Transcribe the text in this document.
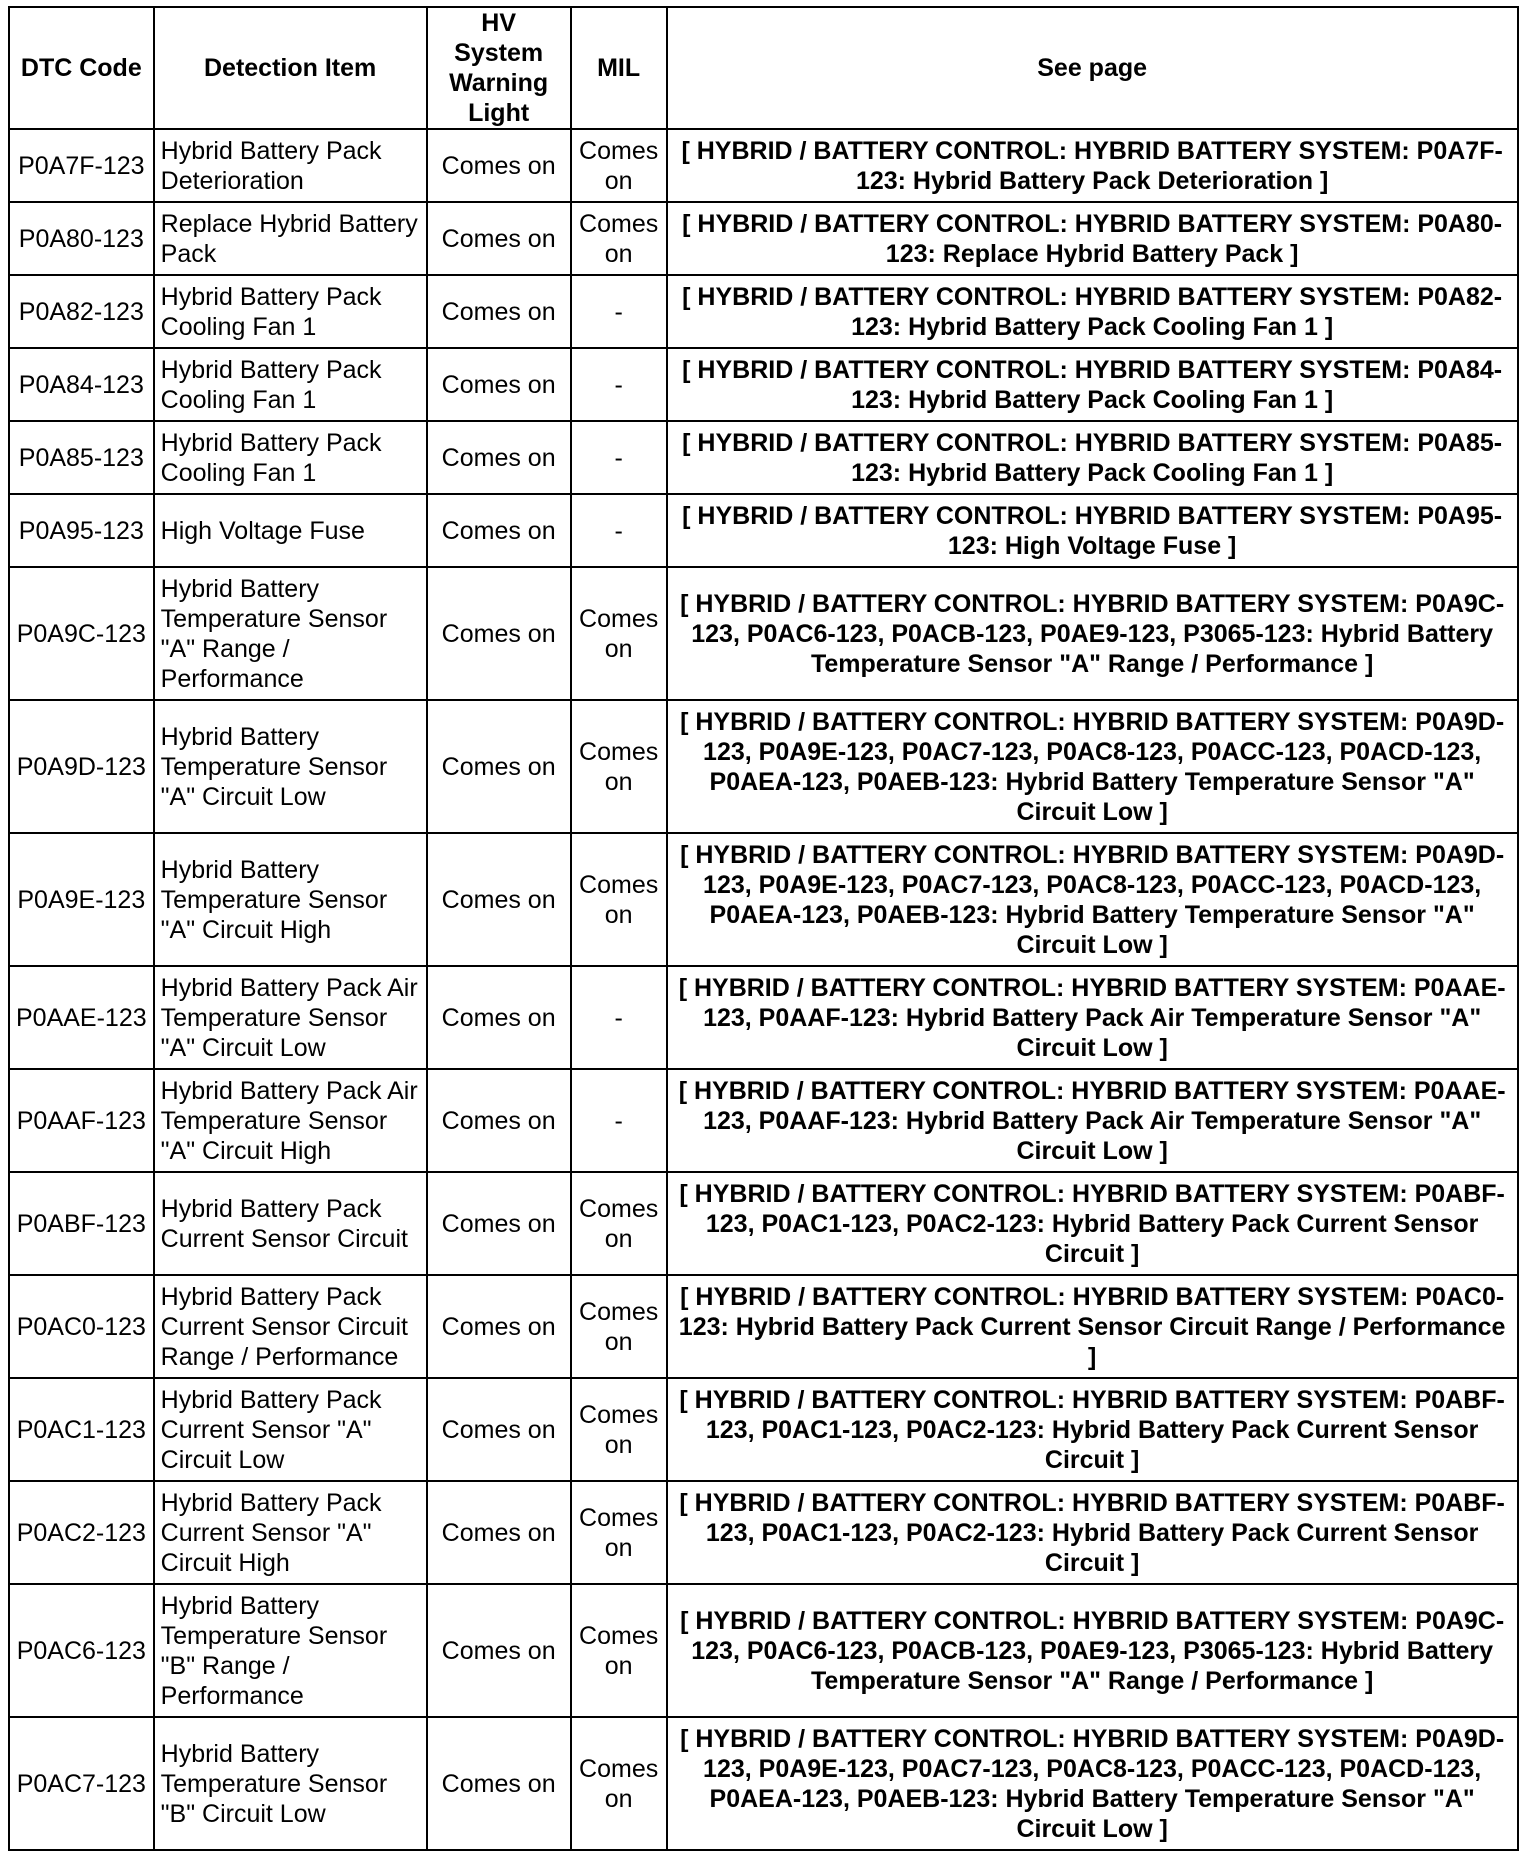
DTC Code	Detection Item	HV System Warning Light	MIL	See page
P0A7F-123	Hybrid Battery Pack Deterioration	Comes on	Comes on	[ HYBRID / BATTERY CONTROL: HYBRID BATTERY SYSTEM: P0A7F-123: Hybrid Battery Pack Deterioration ]
P0A80-123	Replace Hybrid Battery Pack	Comes on	Comes on	[ HYBRID / BATTERY CONTROL: HYBRID BATTERY SYSTEM: P0A80-123: Replace Hybrid Battery Pack ]
P0A82-123	Hybrid Battery Pack Cooling Fan 1	Comes on	-	[ HYBRID / BATTERY CONTROL: HYBRID BATTERY SYSTEM: P0A82-123: Hybrid Battery Pack Cooling Fan 1 ]
P0A84-123	Hybrid Battery Pack Cooling Fan 1	Comes on	-	[ HYBRID / BATTERY CONTROL: HYBRID BATTERY SYSTEM: P0A84-123: Hybrid Battery Pack Cooling Fan 1 ]
P0A85-123	Hybrid Battery Pack Cooling Fan 1	Comes on	-	[ HYBRID / BATTERY CONTROL: HYBRID BATTERY SYSTEM: P0A85-123: Hybrid Battery Pack Cooling Fan 1 ]
P0A95-123	High Voltage Fuse	Comes on	-	[ HYBRID / BATTERY CONTROL: HYBRID BATTERY SYSTEM: P0A95-123: High Voltage Fuse ]
P0A9C-123	Hybrid Battery Temperature Sensor "A" Range / Performance	Comes on	Comes on	[ HYBRID / BATTERY CONTROL: HYBRID BATTERY SYSTEM: P0A9C-123, P0AC6-123, P0ACB-123, P0AE9-123, P3065-123: Hybrid Battery Temperature Sensor "A" Range / Performance ]
P0A9D-123	Hybrid Battery Temperature Sensor "A" Circuit Low	Comes on	Comes on	[ HYBRID / BATTERY CONTROL: HYBRID BATTERY SYSTEM: P0A9D-123, P0A9E-123, P0AC7-123, P0AC8-123, P0ACC-123, P0ACD-123, P0AEA-123, P0AEB-123: Hybrid Battery Temperature Sensor "A" Circuit Low ]
P0A9E-123	Hybrid Battery Temperature Sensor "A" Circuit High	Comes on	Comes on	[ HYBRID / BATTERY CONTROL: HYBRID BATTERY SYSTEM: P0A9D-123, P0A9E-123, P0AC7-123, P0AC8-123, P0ACC-123, P0ACD-123, P0AEA-123, P0AEB-123: Hybrid Battery Temperature Sensor "A" Circuit Low ]
P0AAE-123	Hybrid Battery Pack Air Temperature Sensor "A" Circuit Low	Comes on	-	[ HYBRID / BATTERY CONTROL: HYBRID BATTERY SYSTEM: P0AAE-123, P0AAF-123: Hybrid Battery Pack Air Temperature Sensor "A" Circuit Low ]
P0AAF-123	Hybrid Battery Pack Air Temperature Sensor "A" Circuit High	Comes on	-	[ HYBRID / BATTERY CONTROL: HYBRID BATTERY SYSTEM: P0AAE-123, P0AAF-123: Hybrid Battery Pack Air Temperature Sensor "A" Circuit Low ]
P0ABF-123	Hybrid Battery Pack Current Sensor Circuit	Comes on	Comes on	[ HYBRID / BATTERY CONTROL: HYBRID BATTERY SYSTEM: P0ABF-123, P0AC1-123, P0AC2-123: Hybrid Battery Pack Current Sensor Circuit ]
P0AC0-123	Hybrid Battery Pack Current Sensor Circuit Range / Performance	Comes on	Comes on	[ HYBRID / BATTERY CONTROL: HYBRID BATTERY SYSTEM: P0AC0-123: Hybrid Battery Pack Current Sensor Circuit Range / Performance ]
P0AC1-123	Hybrid Battery Pack Current Sensor "A" Circuit Low	Comes on	Comes on	[ HYBRID / BATTERY CONTROL: HYBRID BATTERY SYSTEM: P0ABF-123, P0AC1-123, P0AC2-123: Hybrid Battery Pack Current Sensor Circuit ]
P0AC2-123	Hybrid Battery Pack Current Sensor "A" Circuit High	Comes on	Comes on	[ HYBRID / BATTERY CONTROL: HYBRID BATTERY SYSTEM: P0ABF-123, P0AC1-123, P0AC2-123: Hybrid Battery Pack Current Sensor Circuit ]
P0AC6-123	Hybrid Battery Temperature Sensor "B" Range / Performance	Comes on	Comes on	[ HYBRID / BATTERY CONTROL: HYBRID BATTERY SYSTEM: P0A9C-123, P0AC6-123, P0ACB-123, P0AE9-123, P3065-123: Hybrid Battery Temperature Sensor "A" Range / Performance ]
P0AC7-123	Hybrid Battery Temperature Sensor "B" Circuit Low	Comes on	Comes on	[ HYBRID / BATTERY CONTROL: HYBRID BATTERY SYSTEM: P0A9D-123, P0A9E-123, P0AC7-123, P0AC8-123, P0ACC-123, P0ACD-123, P0AEA-123, P0AEB-123: Hybrid Battery Temperature Sensor "A" Circuit Low ]
